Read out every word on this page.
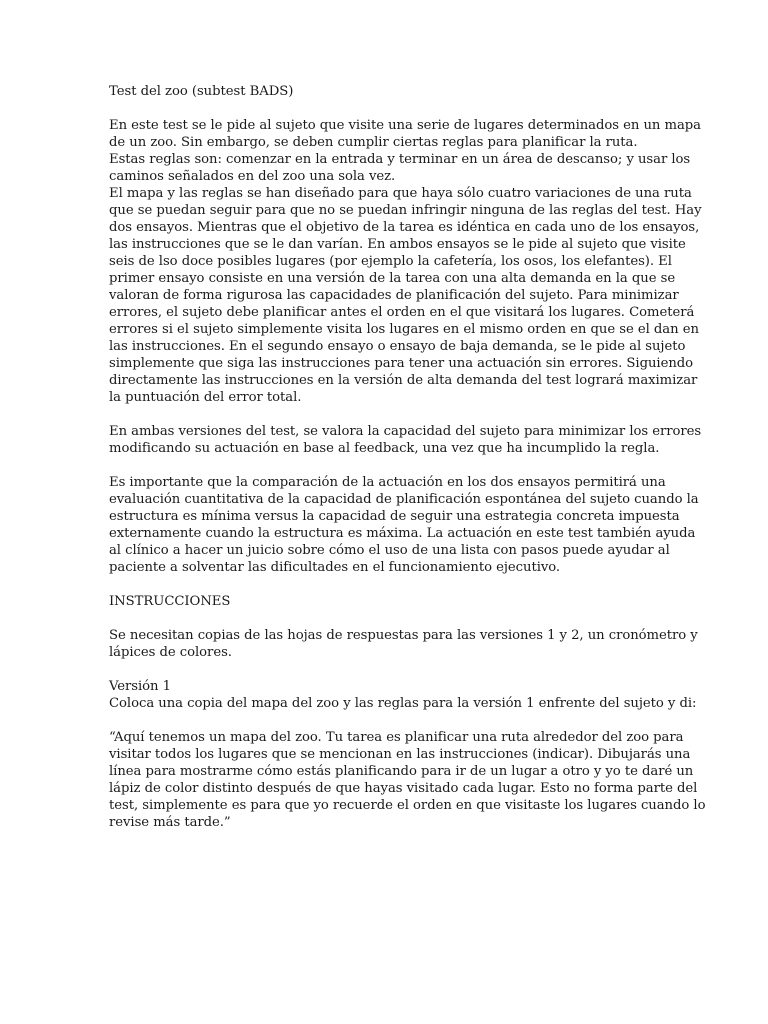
Test del zoo (subtest BADS)

En este test se le pide al sujeto que visite una serie de lugares determinados en un mapa
de un zoo. Sin embargo, se deben cumplir ciertas reglas para planificar la ruta.
Estas reglas son: comenzar en la entrada y terminar en un área de descanso; y usar los
caminos señalados en del zoo una sola vez.
El mapa y las reglas se han diseñado para que haya sólo cuatro variaciones de una ruta
que se puedan seguir para que no se puedan infringir ninguna de las reglas del test. Hay
dos ensayos. Mientras que el objetivo de la tarea es idéntica en cada uno de los ensayos,
las instrucciones que se le dan varían. En ambos ensayos se le pide al sujeto que visite
seis de lso doce posibles lugares (por ejemplo la cafetería, los osos, los elefantes). El
primer ensayo consiste en una versión de la tarea con una alta demanda en la que se
valoran de forma rigurosa las capacidades de planificación del sujeto. Para minimizar
errores, el sujeto debe planificar antes el orden en el que visitará los lugares. Cometerá
errores si el sujeto simplemente visita los lugares en el mismo orden en que se el dan en
las instrucciones. En el segundo ensayo o ensayo de baja demanda, se le pide al sujeto
simplemente que siga las instrucciones para tener una actuación sin errores. Siguiendo
directamente las instrucciones en la versión de alta demanda del test logrará maximizar
la puntuación del error total.

En ambas versiones del test, se valora la capacidad del sujeto para minimizar los errores
modificando su actuación en base al feedback, una vez que ha incumplido la regla.

Es importante que la comparación de la actuación en los dos ensayos permitirá una
evaluación cuantitativa de la capacidad de planificación espontánea del sujeto cuando la
estructura es mínima versus la capacidad de seguir una estrategia concreta impuesta
externamente cuando la estructura es máxima. La actuación en este test también ayuda
al clínico a hacer un juicio sobre cómo el uso de una lista con pasos puede ayudar al
paciente a solventar las dificultades en el funcionamiento ejecutivo.

INSTRUCCIONES

Se necesitan copias de las hojas de respuestas para las versiones 1 y 2, un cronómetro y
lápices de colores.

Versión 1
Coloca una copia del mapa del zoo y las reglas para la versión 1 enfrente del sujeto y di:

“Aquí tenemos un mapa del zoo. Tu tarea es planificar una ruta alrededor del zoo para
visitar todos los lugares que se mencionan en las instrucciones (indicar). Dibujarás una
línea para mostrarme cómo estás planificando para ir de un lugar a otro y yo te daré un
lápiz de color distinto después de que hayas visitado cada lugar. Esto no forma parte del
test, simplemente es para que yo recuerde el orden en que visitaste los lugares cuando lo
revise más tarde.”
